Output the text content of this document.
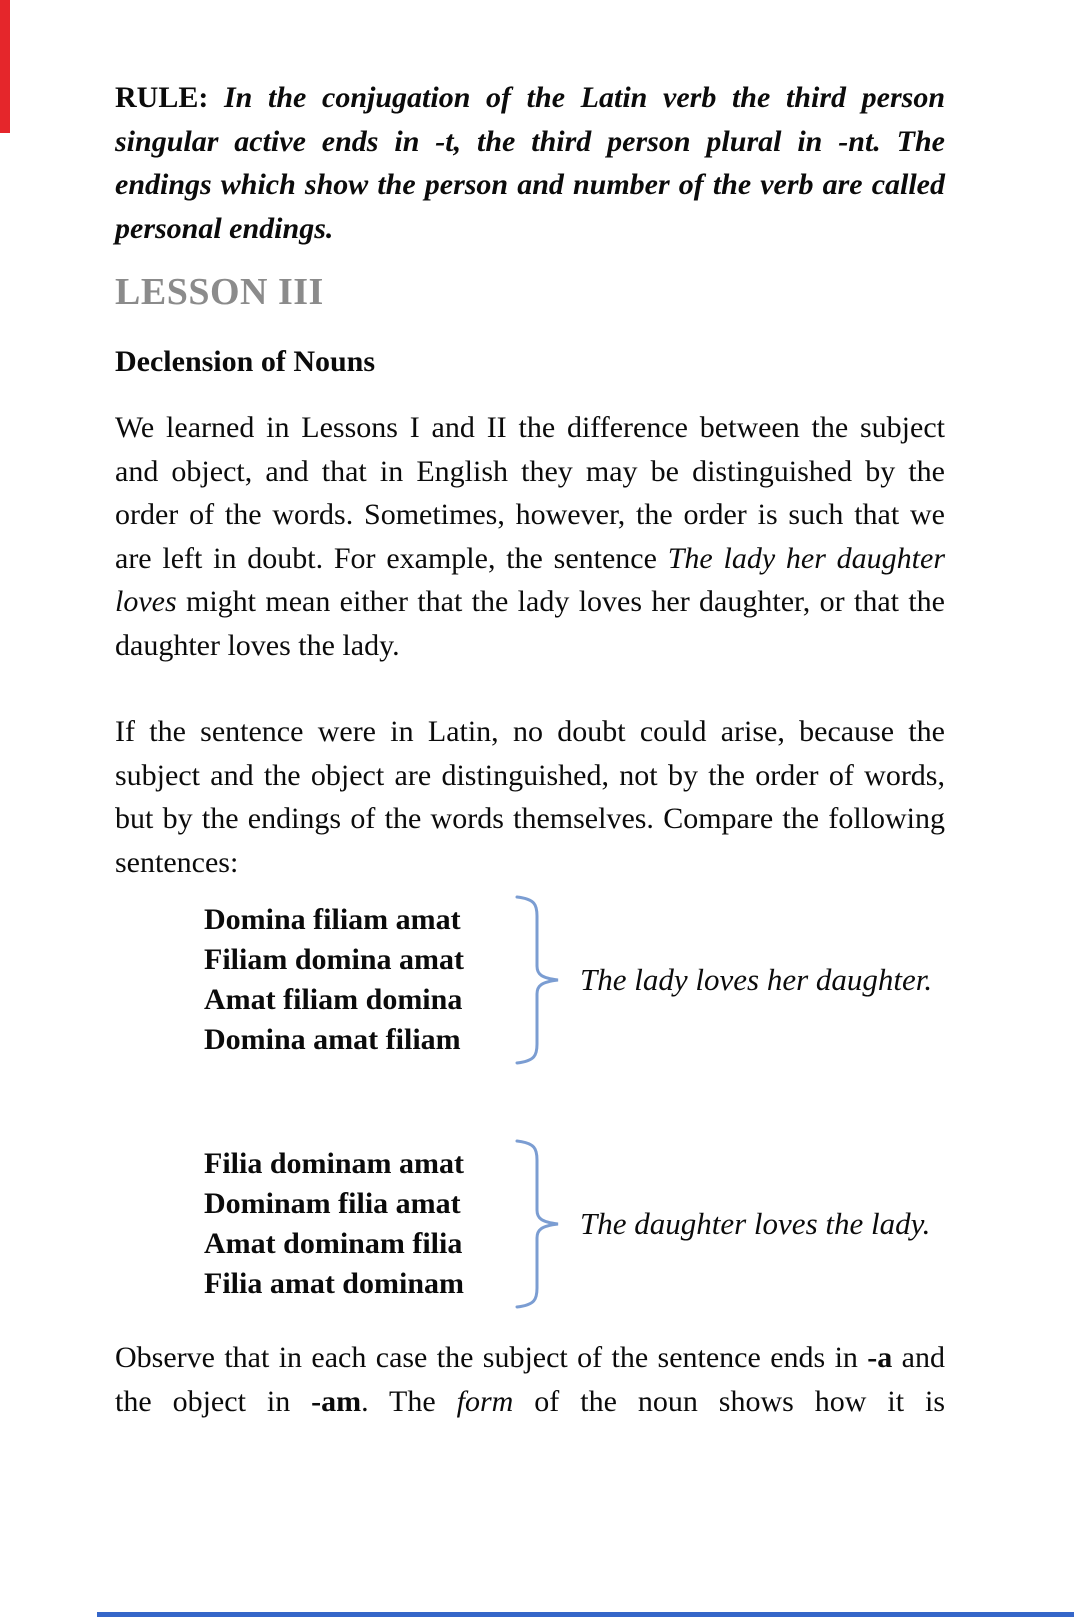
RULE: In the conjugation of the Latin verb the third person singular active ends in -t, the third person plural in -nt. The endings which show the person and number of the verb are called personal endings.
LESSON III
Declension of Nouns
We learned in Lessons I and II the difference between the subject and object, and that in English they may be distinguished by the order of the words. Sometimes, however, the order is such that we are left in doubt. For example, the sentence The lady her daughter loves might mean either that the lady loves her daughter, or that the daughter loves the lady.
If the sentence were in Latin, no doubt could arise, because the subject and the object are distinguished, not by the order of words, but by the endings of the words themselves. Compare the following sentences:
Domina filiam amat
Filiam domina amat
Amat filiam domina
Domina amat filiam
The lady loves her daughter.
Filia dominam amat
Dominam filia amat
Amat dominam filia
Filia amat dominam
The daughter loves the lady.
Observe that in each case the subject of the sentence ends in -a and the object in -am. The form of the noun shows how it is
